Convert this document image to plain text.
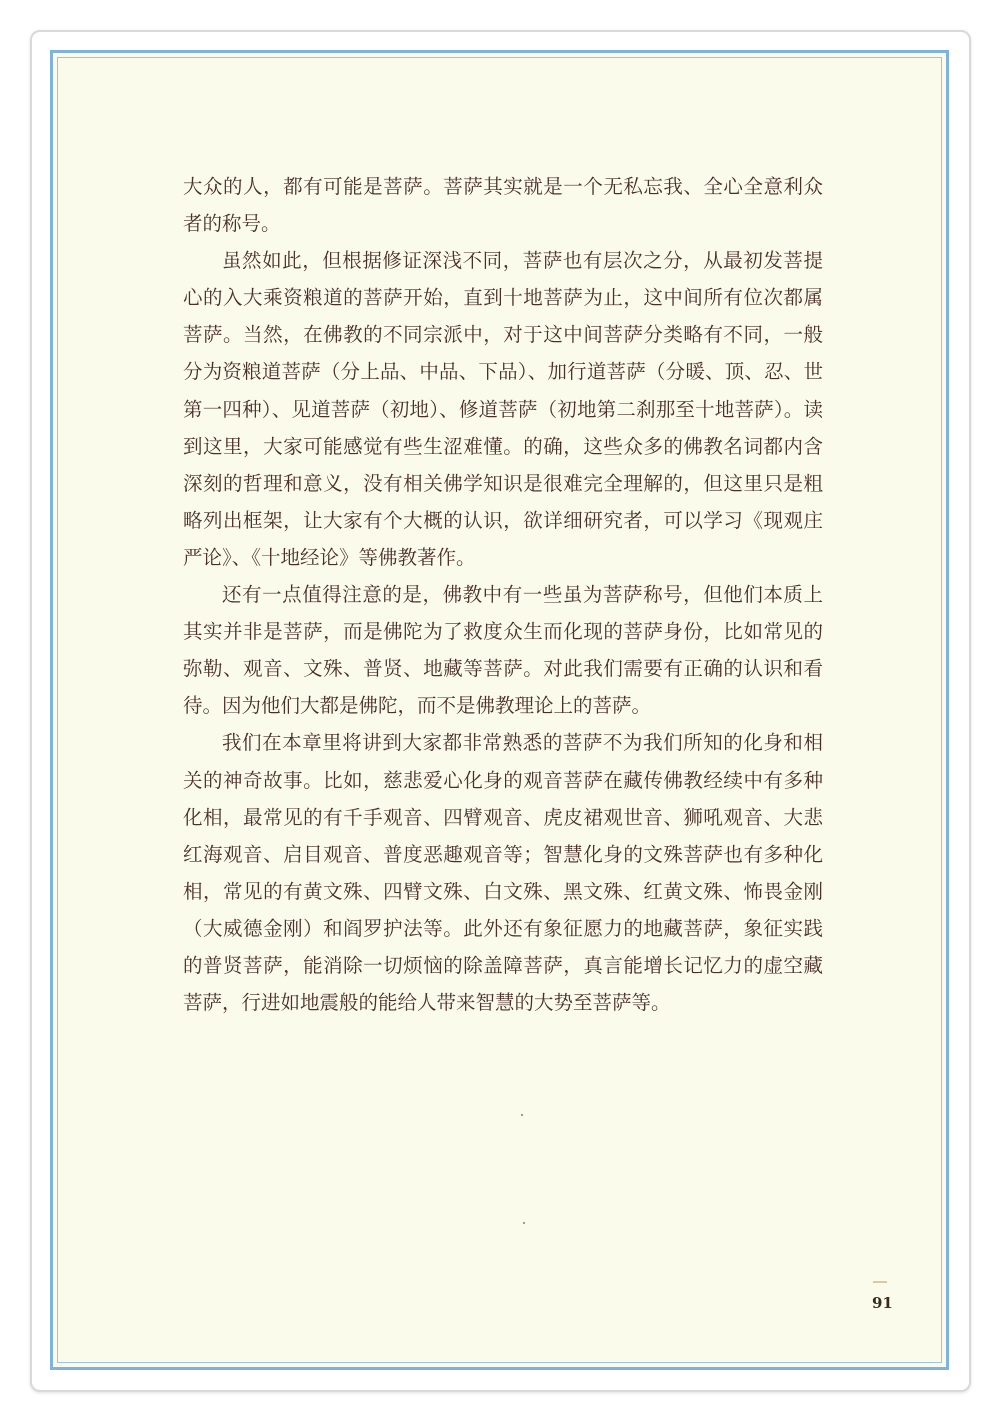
大众的人，都有可能是菩萨。菩萨其实就是一个无私忘我、全心全意利众者的称号。

虽然如此，但根据修证深浅不同，菩萨也有层次之分，从最初发菩提心的入大乘资粮道的菩萨开始，直到十地菩萨为止，这中间所有位次都属菩萨。当然，在佛教的不同宗派中，对于这中间菩萨分类略有不同，一般分为资粮道菩萨（分上品、中品、下品）、加行道菩萨（分暖、顶、忍、世第一四种）、见道菩萨（初地）、修道菩萨（初地第二刹那至十地菩萨）。读到这里，大家可能感觉有些生涩难懂。的确，这些众多的佛教名词都内含深刻的哲理和意义，没有相关佛学知识是很难完全理解的，但这里只是粗略列出框架，让大家有个大概的认识，欲详细研究者，可以学习《现观庄严论》、《十地经论》等佛教著作。

还有一点值得注意的是，佛教中有一些虽为菩萨称号，但他们本质上其实并非是菩萨，而是佛陀为了救度众生而化现的菩萨身份，比如常见的弥勒、观音、文殊、普贤、地藏等菩萨。对此我们需要有正确的认识和看待。因为他们大都是佛陀，而不是佛教理论上的菩萨。

我们在本章里将讲到大家都非常熟悉的菩萨不为我们所知的化身和相关的神奇故事。比如，慈悲爱心化身的观音菩萨在藏传佛教经续中有多种化相，最常见的有千手观音、四臂观音、虎皮裙观世音、狮吼观音、大悲红海观音、启目观音、普度恶趣观音等；智慧化身的文殊菩萨也有多种化相，常见的有黄文殊、四臂文殊、白文殊、黑文殊、红黄文殊、怖畏金刚（大威德金刚）和阎罗护法等。此外还有象征愿力的地藏菩萨，象征实践的普贤菩萨，能消除一切烦恼的除盖障菩萨，真言能增长记忆力的虚空藏菩萨，行进如地震般的能给人带来智慧的大势至菩萨等。

91
